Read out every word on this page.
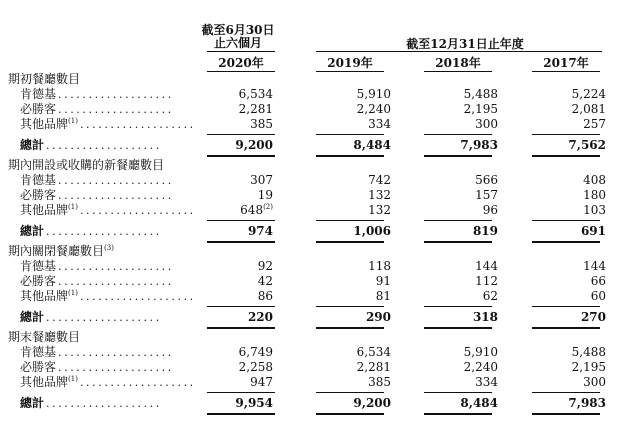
截至6月30日
止六個月	截至12月31日止年度
2020年	2019年	2018年	2017年
期初餐廳數目
肯德基 ...................	6,534	5,910	5,488	5,224
必勝客 ...................	2,281	2,240	2,195	2,081
其他品牌$^{(1)}$ ...................	385	334	300	257
總計 ...................	9,200	8,484	7,983	7,562
期內開設或收購的新餐廳數目
肯德基 ...................	307	742	566	408
必勝客 ...................	19	132	157	180
其他品牌$^{(1)}$ ...................	648$^{(2)}$	132	96	103
總計 ...................	974	1,006	819	691
期內關閉餐廳數目$^{(3)}$
肯德基 ...................	92	118	144	144
必勝客 ...................	42	91	112	66
其他品牌$^{(1)}$ ...................	86	81	62	60
總計 ...................	220	290	318	270
期末餐廳數目
肯德基 ...................	6,749	6,534	5,910	5,488
必勝客 ...................	2,258	2,281	2,240	2,195
其他品牌$^{(1)}$ ...................	947	385	334	300
總計 ...................	9,954	9,200	8,484	7,983
